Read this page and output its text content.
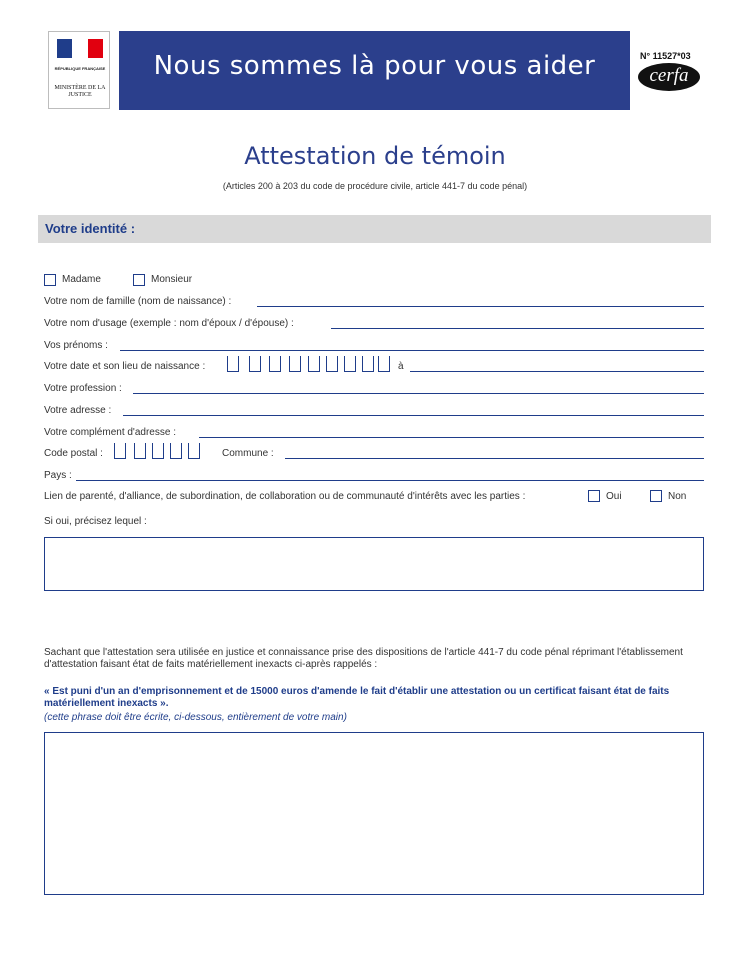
RÉPUBLIQUE FRANÇAISE
MINISTÈRE DE LA JUSTICE
Nous sommes là pour vous aider	N° 11527*03
cerfa
Attestation de témoin
(Articles 200 à 203 du code de procédure civile, article 441-7 du code pénal)
Votre identité :
Madame	Monsieur
Votre nom de famille (nom de naissance) :
Votre nom d'usage (exemple : nom d'époux / d'épouse) :
Vos prénoms :
Votre date et son lieu de naissance :	à
Votre profession :
Votre adresse :
Votre complément d'adresse :
Code postal :	Commune :
Pays :
Lien de parenté, d'alliance, de subordination, de collaboration ou de communauté d'intérêts avec les parties :	Oui	Non
Si oui, précisez lequel :
Sachant que l'attestation sera utilisée en justice et connaissance prise des dispositions de l'article 441-7 du code pénal réprimant l'établissement d'attestation faisant état de faits matériellement inexacts ci-après rappelés :
« Est puni d'un an d'emprisonnement et de 15000 euros d'amende le fait d'établir une attestation ou un certificat faisant état de faits matériellement inexacts ».
(cette phrase doit être écrite, ci-dessous, entièrement de votre main)
